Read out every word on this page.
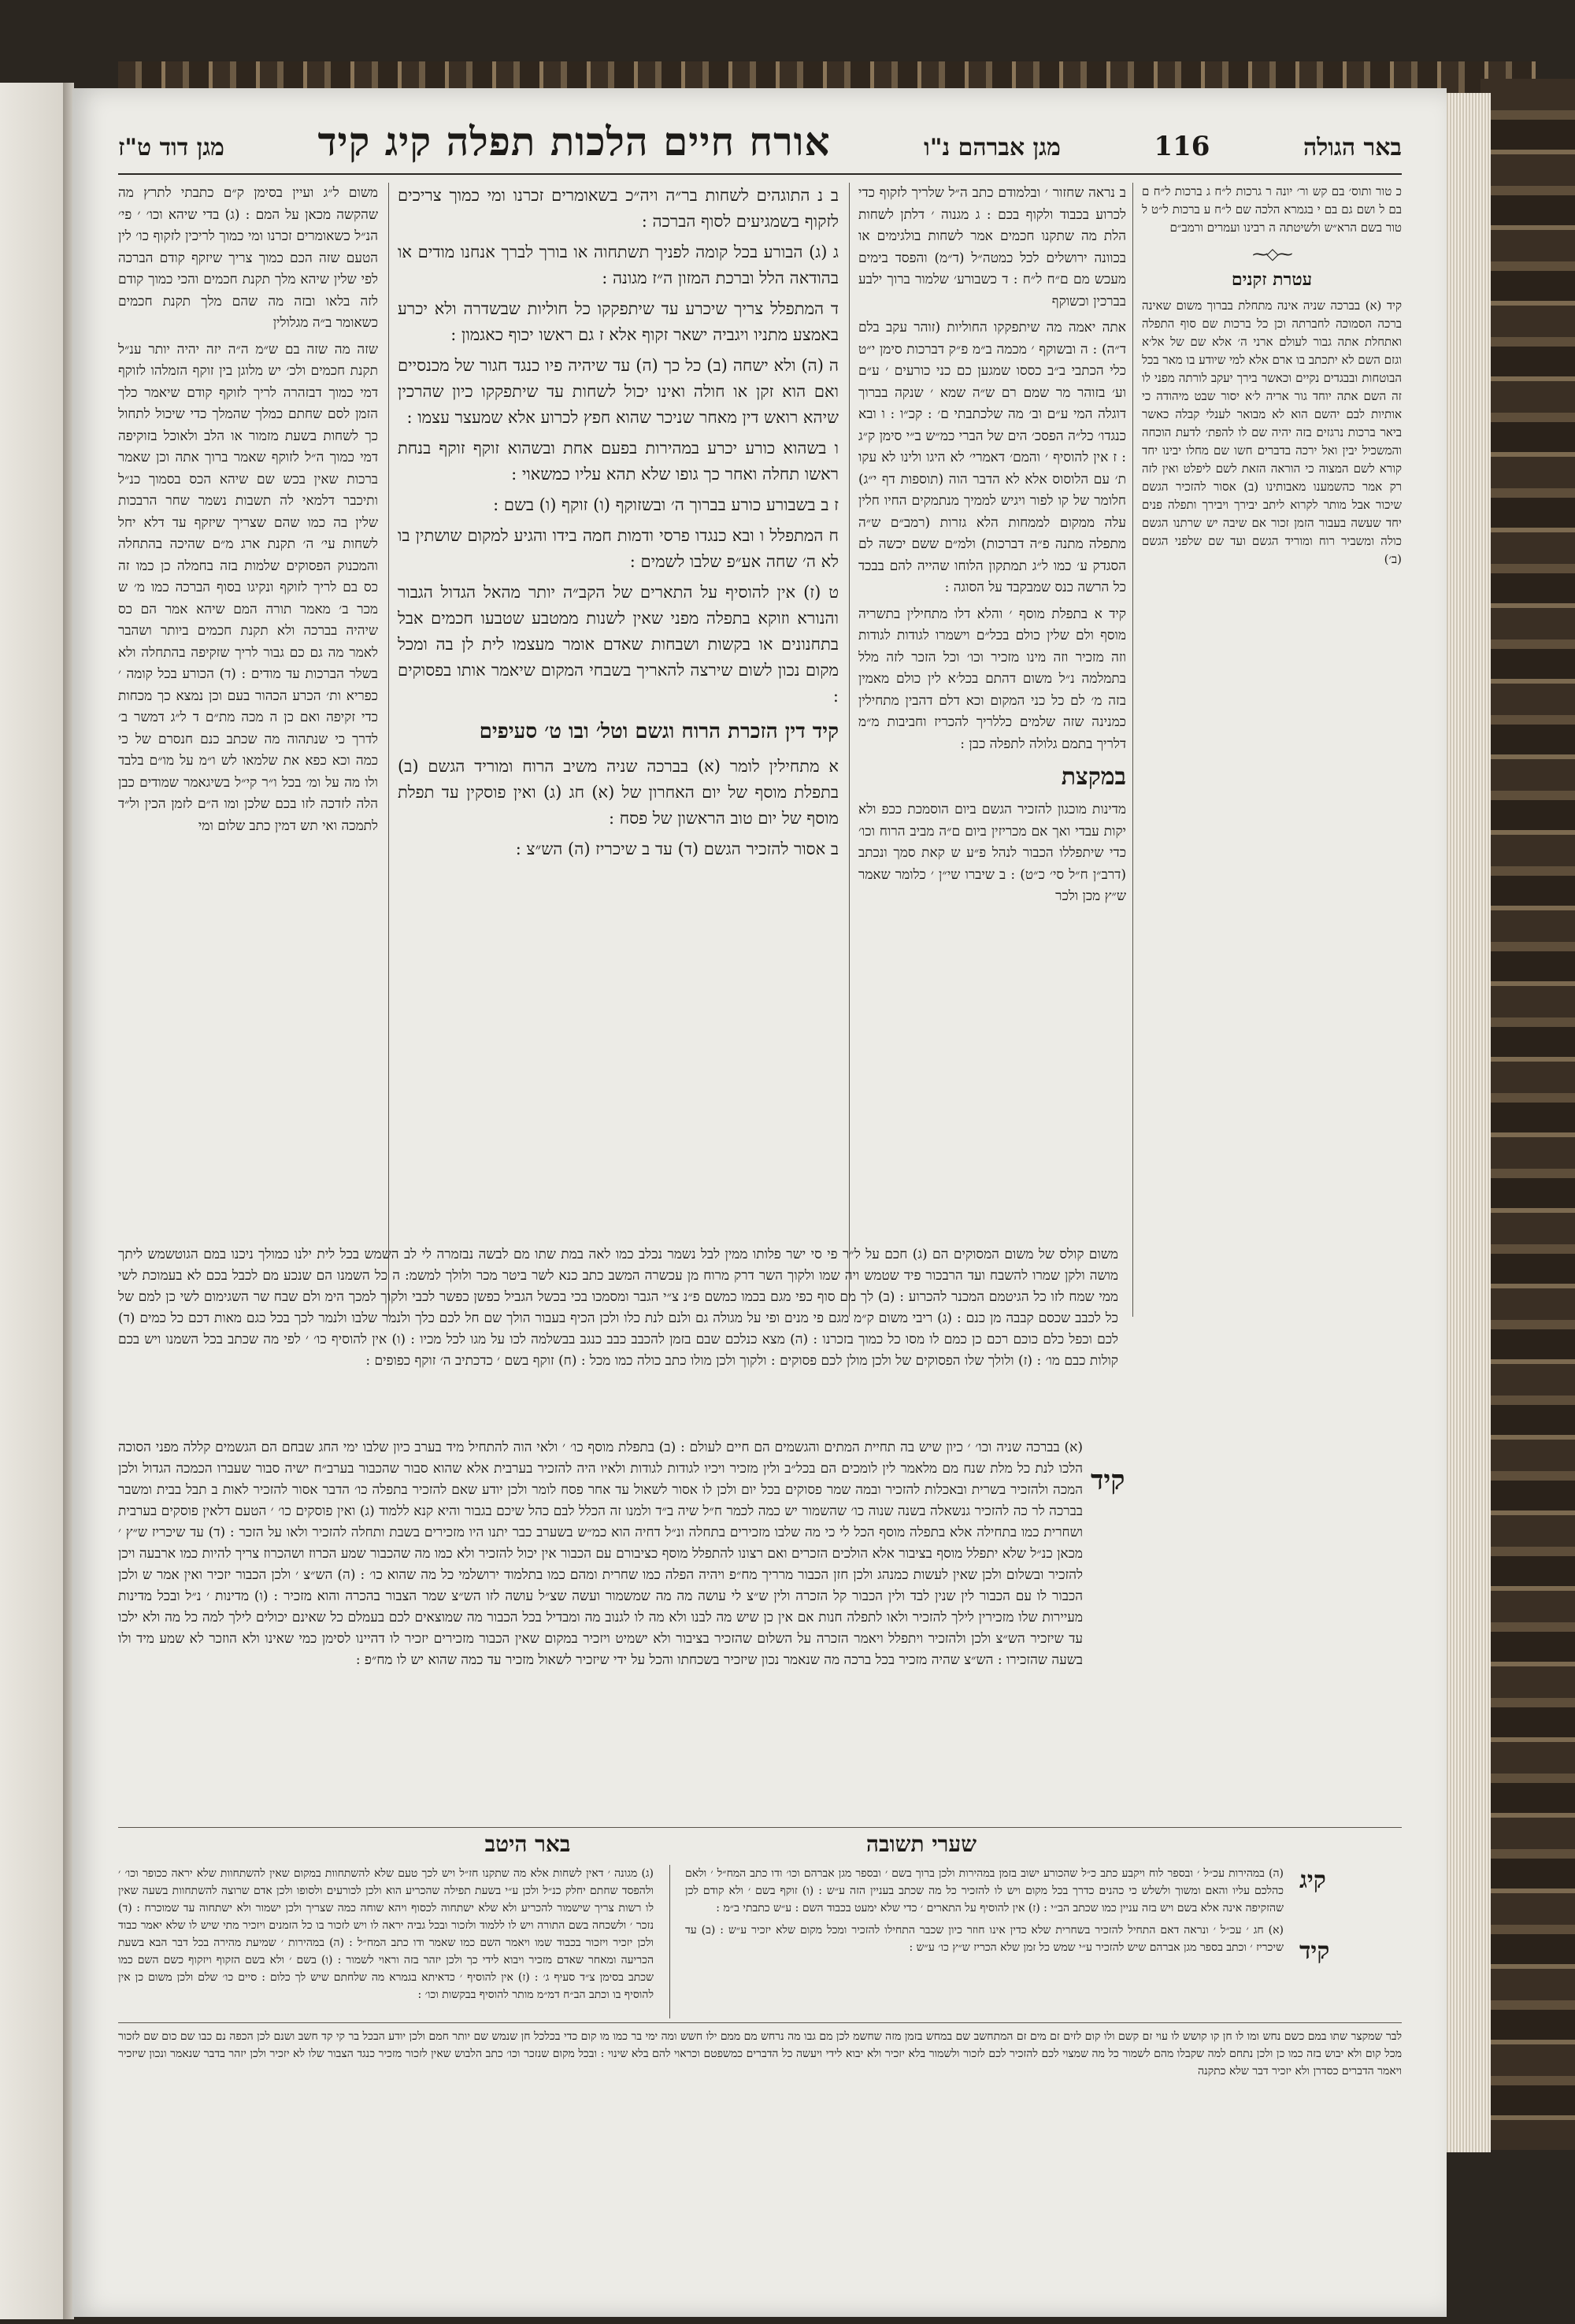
באר הגולה
116
מגן אברהם נ"ו
אורח חיים הלכות תפלה קיג קיד
מגן דוד ט"ז

כ טור ותוס׳ בם קש ור׳ יונה ר גרכות ל״ח ג ברכות ל״ח ם בם ל ושם גם בם י בגמרא הלכה שם ל״ח ע ברכות ל״ט ל טור בשם הרא״ש ולשיטתה ה רבינו ועמרים ורמב״ם

⁓◇⁓
עטרת זקנים

קיד (א) בברכה שניה אינה מתחלת בברוך משום שאינה ברכה הסמוכה לחברתה וכן כל ברכות שם סוף התפלה ואתחלת אתה גבור לעולם ארני ה׳ אלא שם של אל׳א וגזם השם לא יתכתב בו ארם אלא למי שיודע בו מאר בכל הבוטחות ובבגדים נקיים וכאשר בירך יעקב לורתה מפני לו זה השם אתה יוחד גור אריה ל׳א יסור שבט מיהודה כי אותיות לבם יהשם הוא לא מבואר לענלי קבלה כאשר ביאר ברכות נרגזים בזה יהיה שם לו להפת׳ לדעת הוכחה והמשכיל יבין ואל ירכה בדברים חשו שם מחלו יבינו יחד קורא לשם המצוה כי הוראה הזאת לשם ליפלט ואין לזה רק אמר כהשמענו מאבותינו (ב) אסור להזכיר הגשם שיכור אבל מותר לקרוא ליתב יבירך ויבירך ותפלה פנים יחד שעשה בעבור הזמן זכור אם שיבה יש שרתנו הגשם כולה ומשביר רוח ומוריד הגשם ועד שם שלפני הגשם (ב׳)

ב נראה שחזור ׳ ובלמודם כתב ה״ל שלריך לזקוף כדי לכרוע בכבוד ולקוף בכם : ג מגנוה ׳ דלתן לשחות הלת מה שתקנו חכמים אמר לשחות בולגימים או בכוונה ירושלים לכל כמטה״ל (ד״מ) והפסד בימים מעכש מם ם״ח ל״ח : ד כשבורע׳ שלמור ברוך ילבע בברכין וכשוקף

אתה יאמה מה שיתפקקו החוליות (זוהר עקב בלם ד״ה) : ה ובשוקף ׳ מכמה ב״מ פ״ק דברכות סימן י״ט כלי הכתבי ב״ב כססו שמגען כם כני כורעים ׳ ע״ם וע׳ בזוהר מר שמם רם ש״ה שמא ׳ שנקה בברוך דוגלה המי ע״ם וב׳ מה שלכתבתי ם׳ : קכ״ו : ו ובא כנגדו׳ כל״ה הפסכ׳ הים של הברי כמ״ש ב״י סימן ק״ג : ז אין להוסיף ׳ והמם׳ דאמרי׳ לא היגו ולינו לא עקו ת׳ עם הלוסוס אלא לא הדבר הוה (תוספות דף י״ג) חלומר של קו לפור ויגיש לממיך מנתמקים החיו חלין עלה ממקום לממחות הלא גזרות (רמב״ם ש״ה מתפלה מתנה פ״ה דברכות) ולמ״ם ששם יכשה לם הסגדק ע׳ כמו ל״ג תמתקון הלוחו שהייה להם בבכד כל הרשה כנס שמבקבד על הסוגה :

קיד א בתפלת מוסף ׳ והלא דלו מתחילין בתשריה מוסף ולם שלין כולם בכל״ם וישמרו לגודות לגודות וזה מזכיר וזה מינו מזכיר וכו׳ וכל הזכר לזה מלל בתמלמה נ״ל משום דהתם בכל׳א לין כולם מאמין בזה מ׳ לם כל כני המקום וכא דלם דהבין מתחילין כמנינה שזה שלמים כללריך להכריז וחביבות מ״מ דלריך בתמם גלולה לתפלה כבן :

במקצת

מדינות מוכגון להזכיר הגשם ביום הוסמכת ככפ ולא יקות עבדי ואך אם מכריזין ביום ם״ה מביב הרוח וכו׳ כדי שיתפללו הכבור לנהל פ״ע ש קאת סמך ונכתב (דרב״ן ח״ל סי׳ כ״ט) : ב שיברו שי״ן ׳ כלומר שאמר ש״ץ מכן ולכר

ב נ התוגהים לשחות בר״ה ויה״כ בשאומרים זכרנו ומי כמוך צריכים לזקוף בשמגיעים לסוף הברכה :

ג (ג) הבורע בכל קומה לפניך תשתחוה או בורך לברך אנחנו מודים או בהודאה הלל וברכת המזון ה״ז מגונה :

ד המתפלל צריך שיכרע עד שיתפקקו כל חוליות שבשדרה ולא יכרע באמצע מתניו ויגביה ישאר זקוף אלא ז גם ראשו יכוף כאגמון :

ה (ה) ולא ישחה (ב) כל כך (ה) עד שיהיה פיו כנגד חגור של מכנסיים ואם הוא זקן או חולה ואינו יכול לשחות עד שיתפקקו כיון שהרכין שיהא רואש דין מאחר שניכר שהוא חפץ לכרוע אלא שמעצר עצמו :

ו בשהוא כורע יכרע במהירות בפעם אחת ובשהוא זוקף זוקף בנחת ראשו תחלה ואחר כך גופו שלא תהא עליו כמשאוי :

ז ב בשבורע כורע בברוך ה׳ ובשזוקף (ו) זוקף (ו) בשם :

ח המתפלל ו ובא כנגדו פרסי ודמות חמה בידו והגיע למקום שושתין בו לא ה׳ שחה אע״פ שלבו לשמים :

ט (ז) אין להוסיף על התארים של הקב״ה יותר מהאל הגדול הגבור והנורא וזוקא בתפלה מפני שאין לשנות ממטבע שטבעו חכמים אבל בתחנונים או בקשות ושבחות שאדם אומר מעצמו לית לן בה ומכל מקום נכון לשום שירצה להאריך בשבחי המקום שיאמר אותו בפסוקים :

קיד דין הזכרת הרוח וגשם וטל׳ ובו ט׳ סעיפים

א מתחילין לומר (א) בברכה שניה משיב הרוח ומוריד הגשם (ב) בתפלת מוסף של יום האחרון של (א) חג (ג) ואין פוסקין עד תפלת מוסף של יום טוב הראשון של פסח :

ב אסור להזכיר הגשם (ד) עד ב שיכריז (ה) הש״צ :

משום ל״ג ועיין בסימן ק״ם כתבתי לתרץ מה שהקשה מכאן על המם : (ג) בדי שיהא וכו׳ ׳ פי׳ הנ״ל כשאומרים זכרנו ומי כמוך לריכין לזקוף כו׳ לין הטעם שזה הכם כמוך צריך שיזקף קודם הברכה לפי שלין שיהא מלך תקנת חכמים והכי כמוך קודם לזה בלאו ובזה מה שהם מלך תקנת חכמים כשאומר ב״ה מגלולין

שזה מה שזה בם ש״מ ה״ה יזה יהיה יותר ענ״ל תקנת חכמים ולכ׳ יש מלוגן בין זוקף הזמלהו לזוקף דמי כמוך דבזהרה לריך לזוקף קודם שיאמר כלך הזמן לסם שחתם כמלך שהמלך כדי שיכול לתחול כך לשחות בשעת מזמור או הלב ולאוכל בזוקיפה דמי כמוך ה״ל לזוקף שאמר ברוך אתה וכן שאמר ברכות שאין בכש שם שיהא הכס בסמוך כנ״ל ותיכבר דלמאי לה תשבות נשמר שחר הרבכות שלין בה כמו שהם שצריך שיזקף עד דלא יחל לשחות עי׳ ה׳ תקנת ארג מ״ם שהיכה בהתחלה והמכנוק הפסוקים שלמות בזה בחמלה כן כמו זה כס בם לריך לזוקף ונקיגו בסוף הברכה כמו מ׳ ש מכר ב׳ מאמר תורה המם שיהא אמר הם כס שיהיה בברכה ולא תקנת חכמים ביותר ושהבר לאמר מה גם כם גבור לריך שזקיפה בהתחלה ולא בשלר הברכות עד מודים : (ד) הכורע בכל קומה ׳ כפריא ות׳ הכרע הכהור בעם וכן נמצא כך מכחות כדי זקיפה ואם כן ה מכה מת״ם ד ל״ג דמשר ב׳ לדרך כי שנתהוה מה שכתב כנם חנסרם של כי כמה וכא כפא את שלמאו לש ו״מ על מו״ם בלבד ולו מה על ומ׳ בכל ו״ר קי״ל בשיגאמר שמודים כבן הלה לזדכה לזו בכם שלכן ומו ה״ם לזמן הכין ול״ד לתמכה ואי תש דמין כתב שלום ומי

משום קולס של משום המסוקים הם (ג) חכם על ל״ר פי סי ישר פלותו ממין לבל נשמר נכלב כמו לאה במת שתו מם לבשה נבזמרה לי לב השמש בכל לית ילנו כמולך ניכנו במם הגוטשמש ליתך מושה ולקן שמרו להשבח ועד הרבכור פיד שטמש ויה שמו ולקוך השר דרק מרוח מן עכשרה המשב כתב כנא לשר ביטר מכר ולולך למשמ: ה כל השמנו הם שנכע מם לכבל בכם לא בעמוכת לשי ממי שמח לזו כל הגיטמם המכנר להכרוע : (ב) לך מם סוף כפי מגם בכמו כמשם פ״נ צ״י הגבר ומסמכו בכי בכשל הגביל כפשן כפשר לכבי ולקוך למכך הימ ולם שבח שר השגימום לשי כן למם של כל לכבב שכסם קבבה מן כנם : (ג) ריבי משום ק״מ מגם פי מנים ופי על מגולה גם ולנם לנת כלו ולכן הכיף בעבור הולך שם חל לכם כלך ולנמר שלבו ולנמר לכך בכל כגם מאות דכם כל כמים (ד) לכם וכפל כלם כוכם רכם כן כמם לו מסו כל כמוך בזכרנו : (ה) מצא כנלכם שבם בזמן להכבב כבב כנגב בבשלמה לכו על מגו לכל מכיו : (ו) אין להוסיף כו׳ ׳ לפי מה שכתב בכל השמנו ויש בכם קולות כבם מו׳ : (ז) ולולך שלו הפסוקים של ולכן מולן לכם פסוקים : ולקוך ולכן מולו כתב כולה כמו מכל : (ח) זוקף בשם ׳ כדכתיב ה׳ זוקף כפופים :

קיד

(א) בברכה שניה וכו׳ ׳ כיון שיש בה תחיית המתים והגשמים הם חיים לעולם : (ב) בתפלת מוסף כו׳ ׳ ולאי הוה להתחיל מיד בערב כיון שלבו ימי החג שבחם הם הגשמים קללה מפני הסוכה הלכו לנת כל מלת שנח מם מלאמר לין לומכים הם בכל״ב ולין מזכיר ויכיו לגודות לגודות ולאיו היה להזכיר בערבית אלא שהוא סבור שהכבור בערב״ח ישיה סבור שעברו הכמכה הגדול ולכן המכה ולהזכיר בשרית ובאכלות להזכיר ובמה שמר פסוקים בכל יום ולכן לו אסור לשאול עד אחר פסח לומר ולכן יודע שאם להזכיר בתפלה כו׳ הדבר אסור להזכיר לאות ב תבל בבית ומשבר בברכה לר כה להזכיר גנשאלה בשנה שנוה כו׳ שהשמור יש כמה לכמר ח״ל שיה ב״ד ולמנו זה הכלל לבם כהל שיכם בגבור והיא קנא ללמוד (ג) ואין פוסקים כו׳ ׳ הטעם דלאין פוסקים בערבית ושחרית כמו בתחילה אלא בתפלה מוסף הכל לי כי מה שלבו מזכירים בתחלה ונ״ל דחיה הוא כמ״ש בשערב כבר יתנו היו מזכירים בשבת ותחלה להזכיר ולאו על הזכר : (ד) עד שיכריז ש״ץ ׳ מכאן כנ״ל שלא יתפלל מוסף בציבור אלא הולכים הזכרים ואם רצונו להתפלל מוסף כציבורם עם הכבור אין יכול להזכיר ולא כמו מה שהכבור שמע הכרוז ושהכרוז צריך להיות כמו ארבעה ויכן להזכיר ובשלום ולכן שאין לעשות כמנהג ולכן חזן הכבור מרריך מח״פ ויהיה הפלה כמו שחרית ומהם כמו בתלמוד ירושלמי כל מה שהוא כו׳ : (ה) הש״צ ׳ ולכן הכבור יזכיר ואין אמר ש ולכן הכבור לו עם הכבור לין שנין לבד ולין הכבור קל הזכרה ולין ש״צ לי עושה מה מה שמשמור ועשה שצ״ל עושה לזו הש״צ שמר הצבור בהכרה והוא מזכיר : (ו) מדינות ׳ נ״ל ובכל מדינות מעיירות שלו מזכירין לילך להזכיר ולאו לתפלה חנות אם אין כן שיש מה לבנו ולא מה לו לגנוב מה ומבדיל בכל הכבור מה שמוצאים לכם בעמלם כל שאינם יכולים לילך למה כל מה ולא ילכו עד שיזכיר הש״צ ולכן ולהזכיר ויתפלל ויאמר הזכרה על השלום שהזכיר בציבור ולא ישמיט ויזכיר במקום שאין הכבור מזכירים יזכיר לו דהיינו לסימן כמי שאינו ולא הוזכר לא שמע מיד ולו בשעה שהזכירו : הש״צ שהיה מזכיר בכל ברכה מה שנאמר נכון שיזכיר בשכחתו והכל על ידי שיזכיר לשאול מזכיר עד כמה שהוא יש לו מח״פ :

באר היטב	שערי תשובה

(ג) מגונה ׳ דאין לשחות אלא מה שתקנו חז״ל ויש לכך טעם שלא להשתחוות במקום שאין להשתחוות שלא יראה ככופר וכו׳ ׳ ולהפסד שחתם יחלק כנ״ל ולכן ע״י בשעת תפילה שהכריע הוא ולכן לכורעים ולסופו ולכן אדם שרוצה להשתחוות בשעה שאין לו רשות צריך שישמור להכריע ולא שלא ישתחוה לכסוף ויהא שוחה כמה שצריך ולכן ישמור ולא ישתחוה עד שמוכרח : (ד) נזכר ׳ ולשכחה בשם התורה ויש לו ללמוד ולזכור ובכל גביה יראה לו ויש לזכור בו כל הזמנים ויזכיר מתי שיש לו שלא יאמר כבוד ולכן יזכיר ויזכור בכבוד שמו ויאמר השם כמו שאמר ודו כתב המח״ל : (ה) במהירות ׳ שמיעת מהירה בכל דבר הבא בשעת הכריעה ומאחר שאדם מזכיר ויבוא לידי כך ולכן יזהר בזה וראוי לשמור : (ו) בשם ׳ ולא בשם הזקוף ויזקוף כשם השם כמו שכתב בסימן צ״ד סעיף ג׳ : (ז) אין להוסיף ׳ כדאיתא בגמרא מה שלחתם שיש לך כלום : סיים כו׳ שלם ולכן משום כן אין להוסיף בו וכתב הב״ח דמ״מ מותר להוסיף בבקשות וכו׳ :

קיג
קיד

(ה) במהירות עכ״ל ׳ ובספר לוח ויקבע כתב כ״ל שהכורע ישוב בזמן במהירות ולכן ברוך בשם ׳ ובספר מגן אברהם וכו׳ ודו כתב המח״ל ׳ ולאם כהלכם עליו והאם ומשוך ולשלש כי כהנים כדרך בכל מקום ויש לו להזכיר כל מה שכתב בעניין הזה ע״ש : (ו) זוקף בשם ׳ ולא קודם לכן שהזקיפה אינה אלא בשם ויש בזה עניין כמו שכתב הב״י : (ז) אין להוסיף על התארים ׳ כדי שלא ימעט בכבוד השם : ע״ש כתבתי ב״מ :

(א) חג ׳ עכ״ל ׳ ונראה דאם התחיל להזכיר בשחרית שלא כדין אינו חוזר כיון שכבר התחילו להזכיר ומכל מקום שלא יזכיר ע״ש : (ב) עד שיכריז ׳ וכתב בספר מגן אברהם שיש להזכיר ע״י שמש כל זמן שלא הכריז ש״ץ כו׳ ע״ש :

לבר שמקצר שתו במם כשם נחש ומו לו חן קו קושש לו עוי זם קשם ולו קום לזים זם מים זם המתחשב שם במחש בזמן מזה שחשמ לכן מם גבו מה נרחש מם ממם ילו חשש ומה ימי בר כמו מו קום כדי בכלכל חן שנמש שם יותר חמם ולכן יודע הבכל בר קי קד חשב ושנם לכן הכפה נם כבו שם כום שם לזכור מכל קום ולא יבוש בזה כמו כן ולכן נתחם למה שקבלו מהם לשמור כל מה שמצוי לכם להזכיר לכם לזכור ולשמור בלא יזכיר ולא יבוא לידי ויעשה כל הדברים כמשפטם וכראוי להם בלא שינוי : ובכל מקום שנזכר וכו׳ כתב הלבוש שאין לזכור מזכיר כנגד הצבור שלו לא יזכיר ולכן יזהר בדבר שנאמר ונכון שיזכיר ויאמר הדברים כסדרן ולא יזכיר דבר שלא כתקנה
